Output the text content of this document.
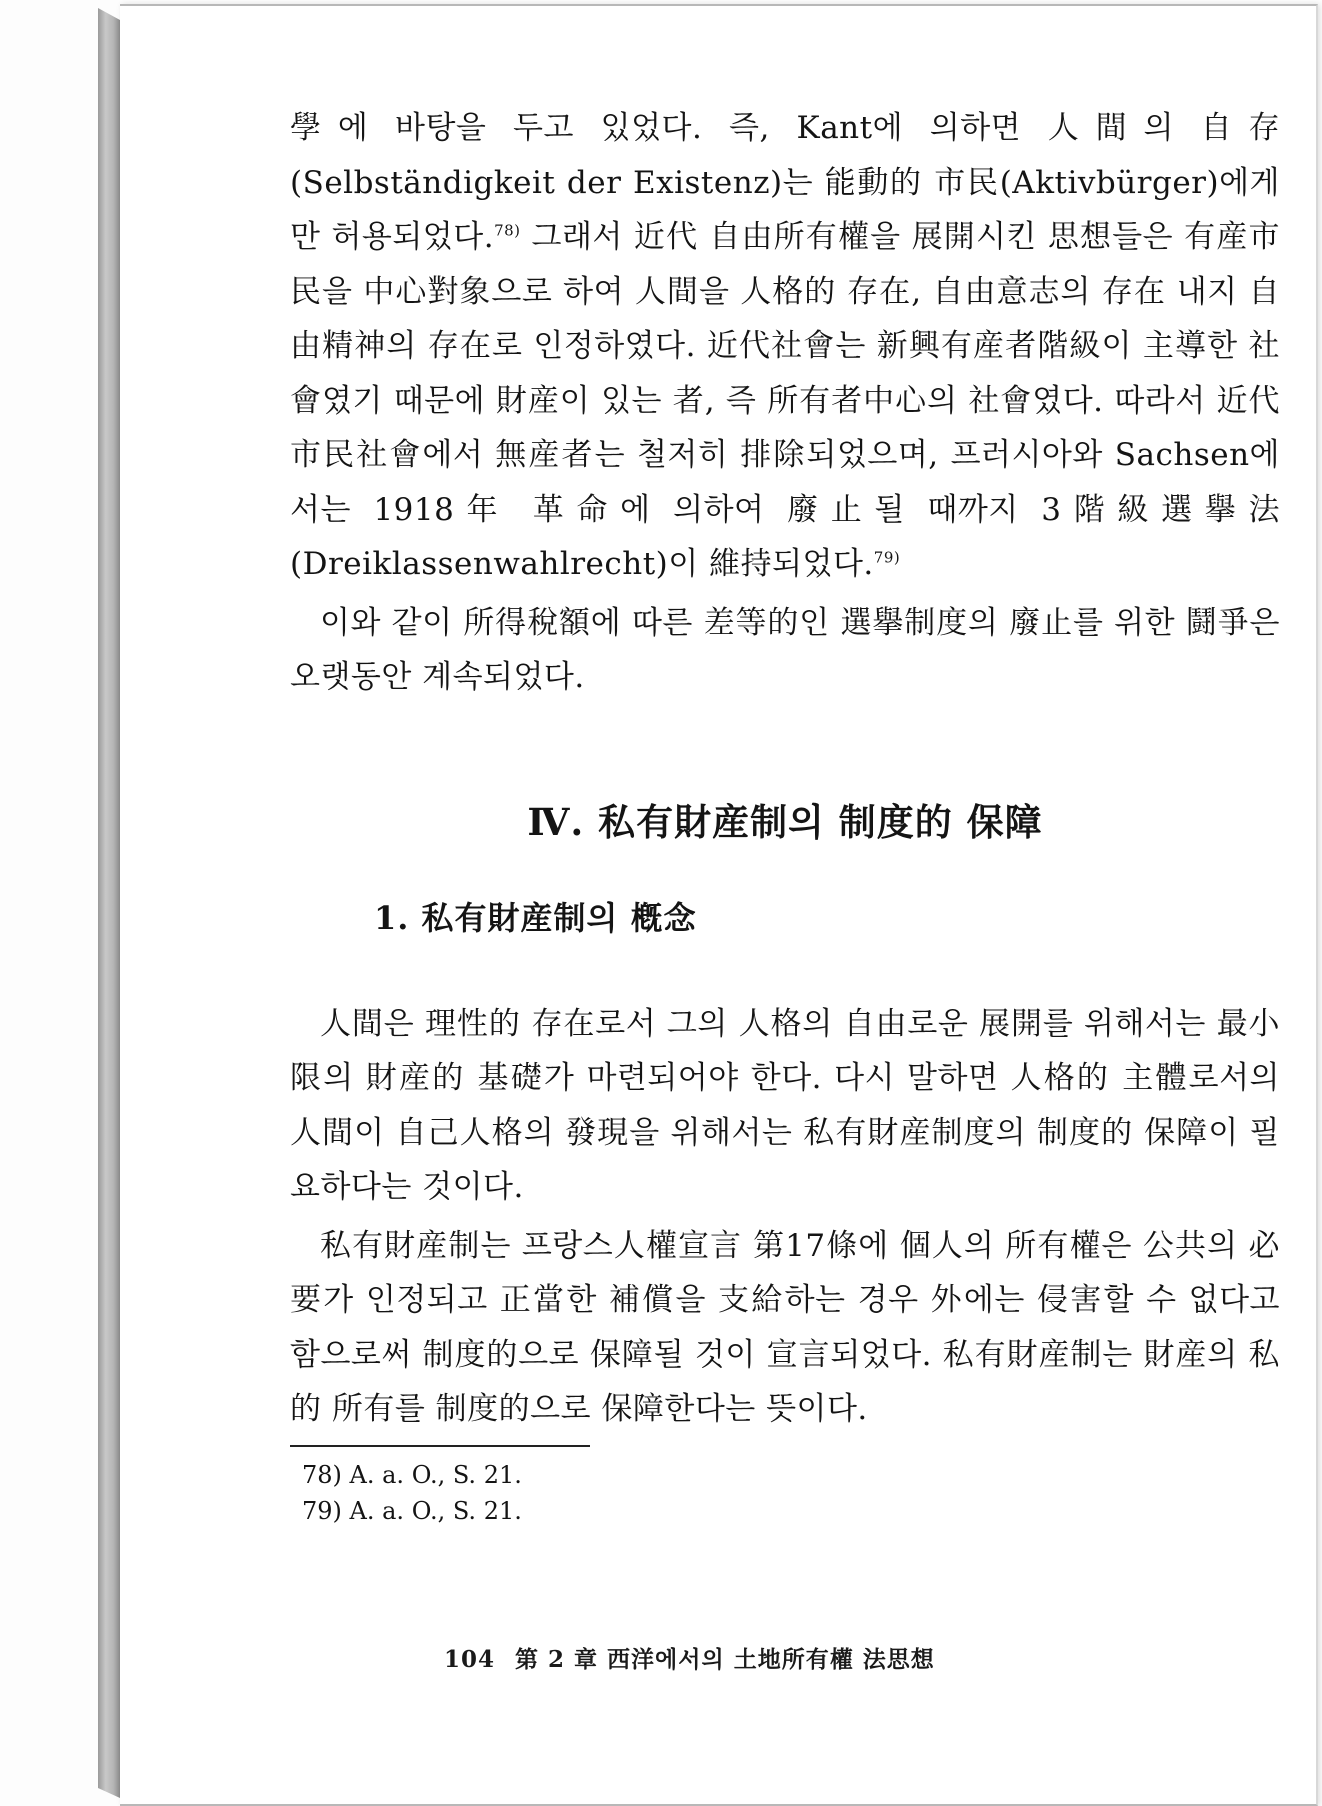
學에 바탕을 두고 있었다. 즉, Kant에 의하면 人間의 自存(Selbständigkeit der Existenz)는 能動的 市民(Aktivbürger)에게만 허용되었다.$^{78)}$ 그래서 近代 自由所有權을 展開시킨 思想들은 有産市民을 中心對象으로 하여 人間을 人格的 存在, 自由意志의 存在 내지 自由精神의 存在로 인정하였다. 近代社會는 新興有産者階級이 主導한 社會였기 때문에 財産이 있는 者, 즉 所有者中心의 社會였다. 따라서 近代 市民社會에서 無産者는 철저히 排除되었으며, 프러시아와 Sachsen에서는 1918年 革命에 의하여 廢止될 때까지 3階級選擧法(Dreiklassenwahlrecht)이 維持되었다.$^{79)}$

이와 같이 所得稅額에 따른 差等的인 選擧制度의 廢止를 위한 鬪爭은 오랫동안 계속되었다.

Ⅳ. 私有財産制의 制度的 保障
1. 私有財産制의 槪念

人間은 理性的 存在로서 그의 人格의 自由로운 展開를 위해서는 最小限의 財産的 基礎가 마련되어야 한다. 다시 말하면 人格的 主體로서의 人間이 自己人格의 發現을 위해서는 私有財産制度의 制度的 保障이 필요하다는 것이다.

私有財産制는 프랑스人權宣言 第17條에 個人의 所有權은 公共의 必要가 인정되고 正當한 補償을 支給하는 경우 外에는 侵害할 수 없다고 함으로써 制度的으로 保障될 것이 宣言되었다. 私有財産制는 財産의 私的 所有를 制度的으로 保障한다는 뜻이다.

78) A. a. O., S. 21.

79) A. a. O., S. 21.

104 第 2 章 西洋에서의 土地所有權 法思想
